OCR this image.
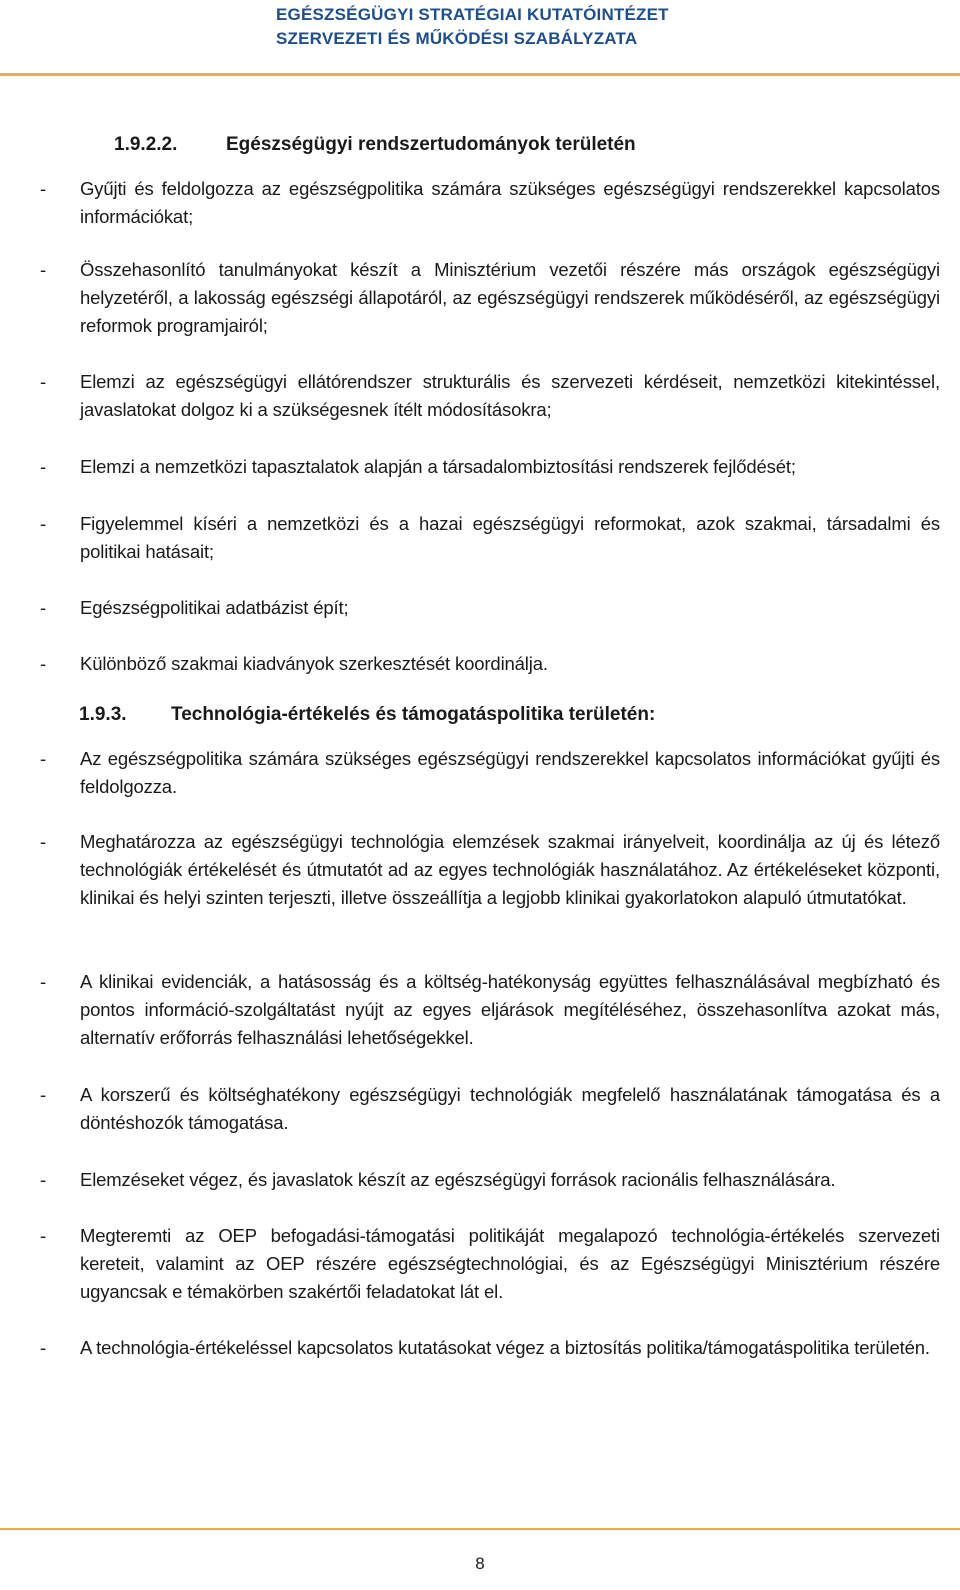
EGÉSZSÉGÜGYI STRATÉGIAI KUTATÓINTÉZET
SZERVEZETI ÉS MŰKÖDÉSI SZABÁLYZATA
1.9.2.2.	Egészségügyi rendszertudományok területén
- Gyűjti és feldolgozza az egészségpolitika számára szükséges egészségügyi rendszerekkel kapcsolatos információkat;
- Összehasonlító tanulmányokat készít a Minisztérium vezetői részére más országok egészségügyi helyzetéről, a lakosság egészségi állapotáról, az egészségügyi rendszerek működéséről, az egészségügyi reformok programjairól;
- Elemzi az egészségügyi ellátórendszer strukturális és szervezeti kérdéseit, nemzetközi kitekintéssel, javaslatokat dolgoz ki a szükségesnek ítélt módosításokra;
- Elemzi a nemzetközi tapasztalatok alapján a társadalombiztosítási rendszerek fejlődését;
- Figyelemmel kíséri a nemzetközi és a hazai egészségügyi reformokat, azok szakmai, társadalmi és politikai hatásait;
- Egészségpolitikai adatbázist épít;
- Különböző szakmai kiadványok szerkesztését koordinálja.
1.9.3. Technológia-értékelés és támogatáspolitika területén:
- Az egészségpolitika számára szükséges egészségügyi rendszerekkel kapcsolatos információkat gyűjti és feldolgozza.
- Meghatározza az egészségügyi technológia elemzések szakmai irányelveit, koordinálja az új és létező technológiák értékelését és útmutatót ad az egyes technológiák használatához. Az értékeléseket központi, klinikai és helyi szinten terjeszti, illetve összeállítja a legjobb klinikai gyakorlatokon alapuló útmutatókat.
- A klinikai evidenciák, a hatásosság és a költség-hatékonyság együttes felhasználásával megbízható és pontos információ-szolgáltatást nyújt az egyes eljárások megítéléséhez, összehasonlítva azokat más, alternatív erőforrás felhasználási lehetőségekkel.
- A korszerű és költséghatékony egészségügyi technológiák megfelelő használatának támogatása és a döntéshozók támogatása.
- Elemzéseket végez, és javaslatok készít az egészségügyi források racionális felhasználására.
- Megteremti az OEP befogadási-támogatási politikáját megalapozó technológia-értékelés szervezeti kereteit, valamint az OEP részére egészségtechnológiai, és az Egészségügyi Minisztérium részére ugyancsak e témakörben szakértői feladatokat lát el.
- A technológia-értékeléssel kapcsolatos kutatásokat végez a biztosítás politika/támogatáspolitika területén.
8
